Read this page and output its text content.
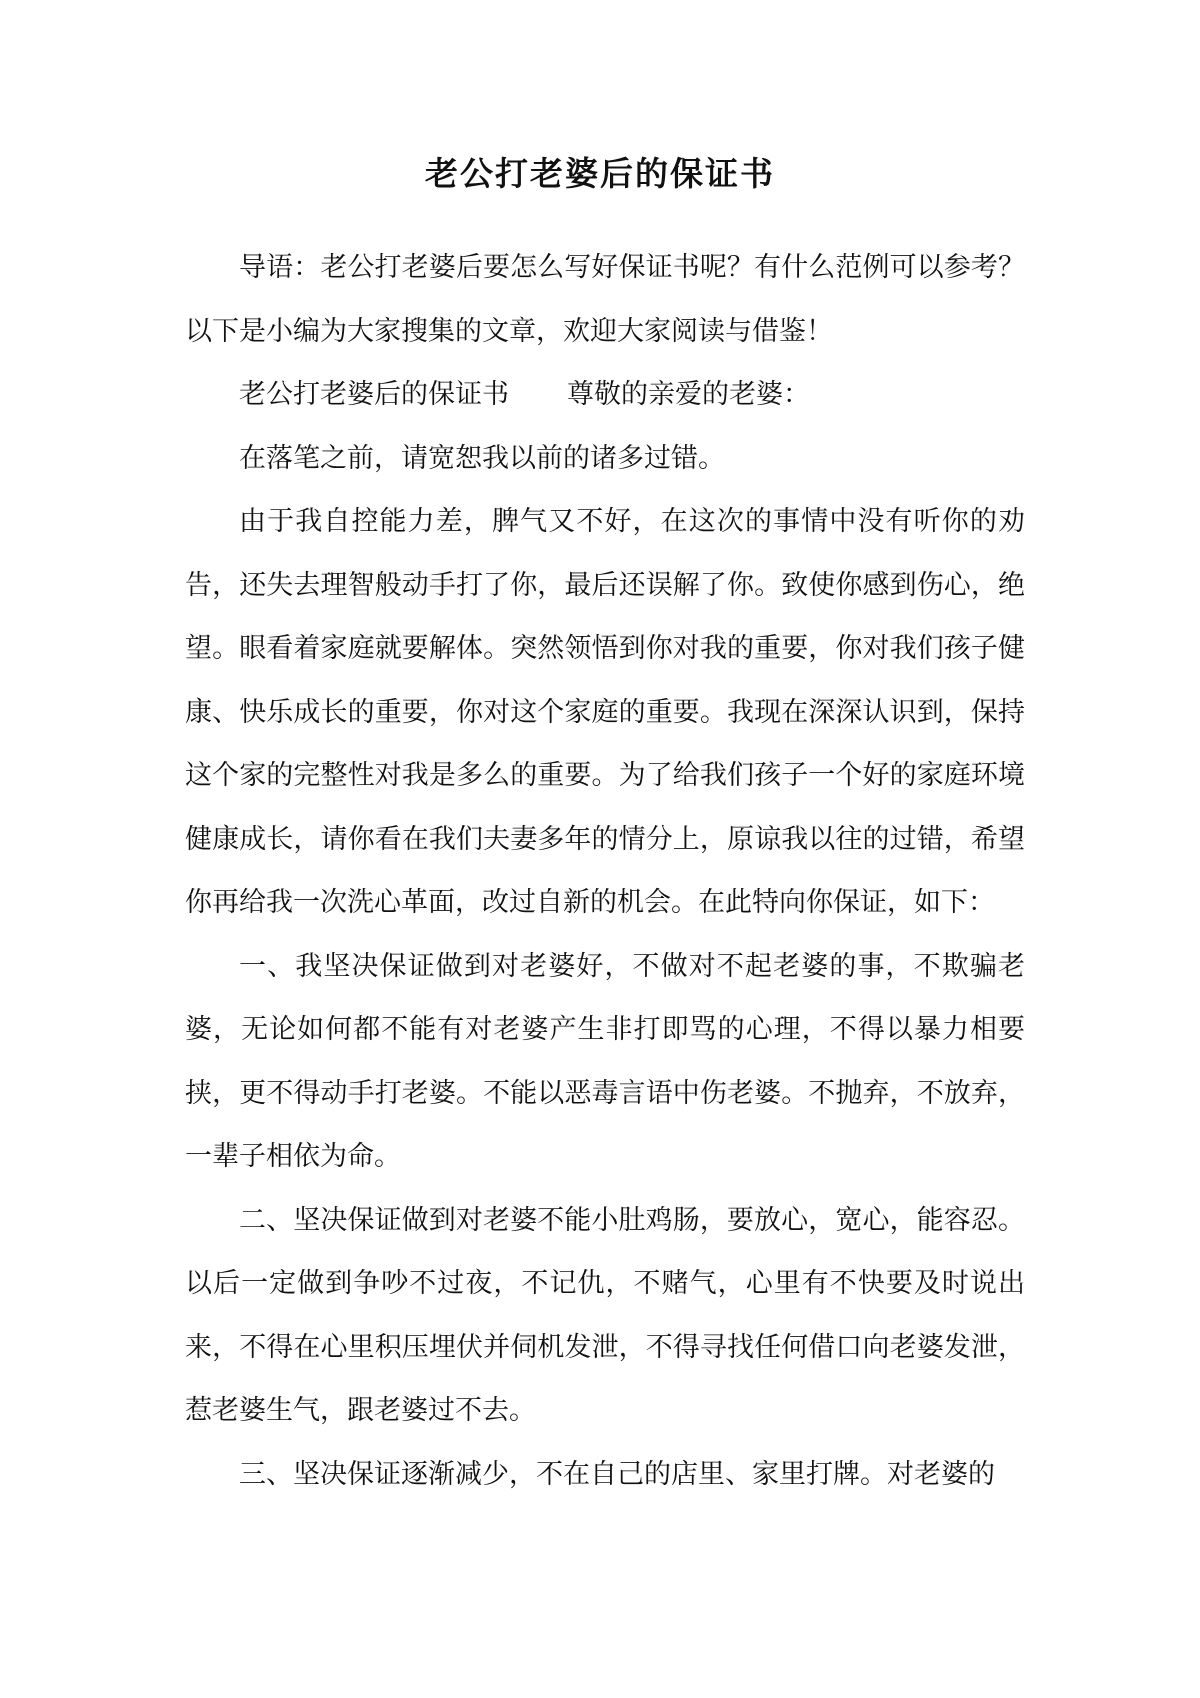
老公打老婆后的保证书

导语：老公打老婆后要怎么写好保证书呢？有什么范例可以参考？以下是小编为大家搜集的文章，欢迎大家阅读与借鉴！

老公打老婆后的保证书 尊敬的亲爱的老婆：

在落笔之前，请宽恕我以前的诸多过错。

由于我自控能力差，脾气又不好，在这次的事情中没有听你的劝告，还失去理智般动手打了你，最后还误解了你。致使你感到伤心，绝望。眼看着家庭就要解体。突然领悟到你对我的重要，你对我们孩子健康、快乐成长的重要，你对这个家庭的重要。我现在深深认识到，保持这个家的完整性对我是多么的重要。为了给我们孩子一个好的家庭环境健康成长，请你看在我们夫妻多年的情分上，原谅我以往的过错，希望你再给我一次洗心革面，改过自新的机会。在此特向你保证，如下：

一、我坚决保证做到对老婆好，不做对不起老婆的事，不欺骗老婆，无论如何都不能有对老婆产生非打即骂的心理，不得以暴力相要挟，更不得动手打老婆。不能以恶毒言语中伤老婆。不抛弃，不放弃，一辈子相依为命。

二、坚决保证做到对老婆不能小肚鸡肠，要放心，宽心，能容忍。以后一定做到争吵不过夜，不记仇，不赌气，心里有不快要及时说出来，不得在心里积压埋伏并伺机发泄，不得寻找任何借口向老婆发泄，惹老婆生气，跟老婆过不去。

三、坚决保证逐渐减少，不在自己的店里、家里打牌。对老婆的
